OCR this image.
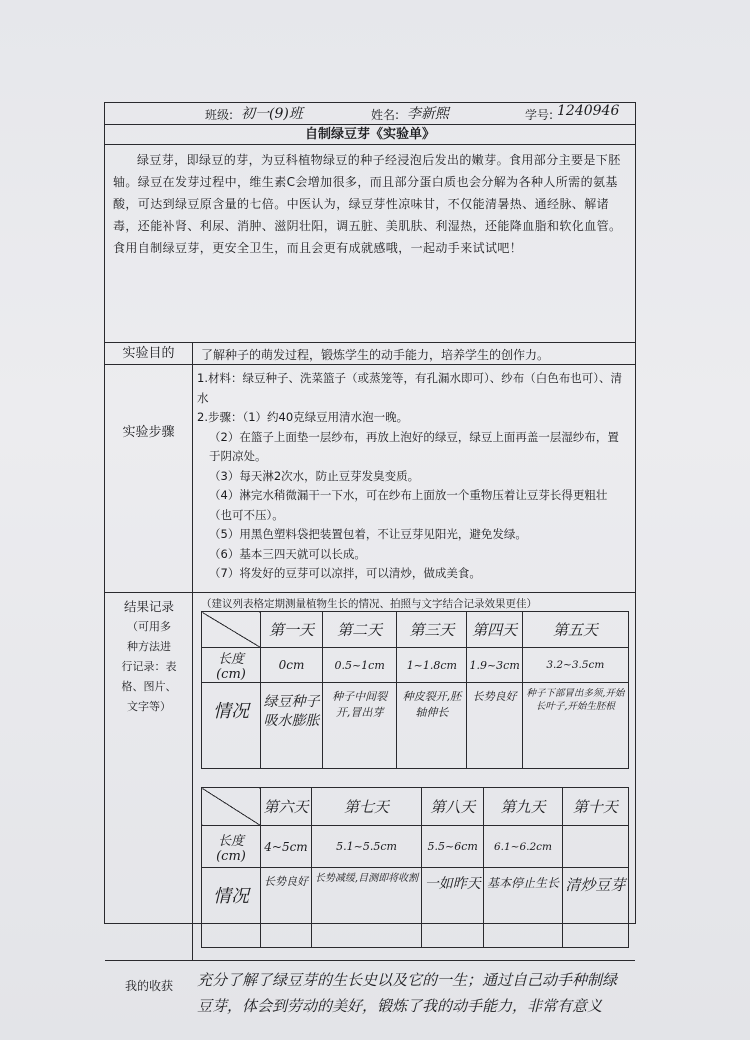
班级: 初一(9)班	姓名: 李新熙	学号: 1240946
自制绿豆芽《实验单》
绿豆芽，即绿豆的芽，为豆科植物绿豆的种子经浸泡后发出的嫩芽。食用部分主要是下胚轴。绿豆在发芽过程中，维生素C会增加很多，而且部分蛋白质也会分解为各种人所需的氨基酸，可达到绿豆原含量的七倍。中医认为，绿豆芽性凉味甘，不仅能清暑热、通经脉、解诸毒，还能补肾、利尿、消肿、滋阴壮阳，调五脏、美肌肤、利湿热，还能降血脂和软化血管。食用自制绿豆芽，更安全卫生，而且会更有成就感哦，一起动手来试试吧！
实验目的	了解种子的萌发过程，锻炼学生的动手能力，培养学生的创作力。
实验步骤
1.材料：绿豆种子、洗菜篮子（或蒸笼等，有孔漏水即可）、纱布（白色布也可）、清水
2.步骤：（1）约40克绿豆用清水泡一晚。
（2）在篮子上面垫一层纱布，再放上泡好的绿豆，绿豆上面再盖一层湿纱布，置于阴凉处。
（3）每天淋2次水，防止豆芽发臭变质。
（4）淋完水稍微漏干一下水，可在纱布上面放一个重物压着让豆芽长得更粗壮（也可不压）。
（5）用黑色塑料袋把装置包着，不让豆芽见阳光，避免发绿。
（6）基本三四天就可以长成。
（7）将发好的豆芽可以凉拌，可以清炒，做成美食。
结果记录
（可用多
种方法进
行记录：表
格、图片、
文字等）
（建议列表格定期测量植物生长的情况、拍照与文字结合记录效果更佳）
	第一天	第二天	第三天	第四天	第五天
长度(cm)	0cm	0.5~1cm	1~1.8cm	1.9~3cm	3.2~3.5cm
情况	绿豆种子吸水膨胀	种子中间裂开,冒出芽	种皮裂开,胚轴伸长	长势良好	种子下部冒出多须,开始长叶子,开始生胚根
	第六天	第七天	第八天	第九天	第十天
长度(cm)	4~5cm	5.1~5.5cm	5.5~6cm	6.1~6.2cm	
情况	长势良好	长势减缓,目测即将收割	一如昨天	基本停止生长	清炒豆芽
我的收获	充分了解了绿豆芽的生长史以及它的一生；通过自己动手种制绿豆芽，体会到劳动的美好，锻炼了我的动手能力，非常有意义
